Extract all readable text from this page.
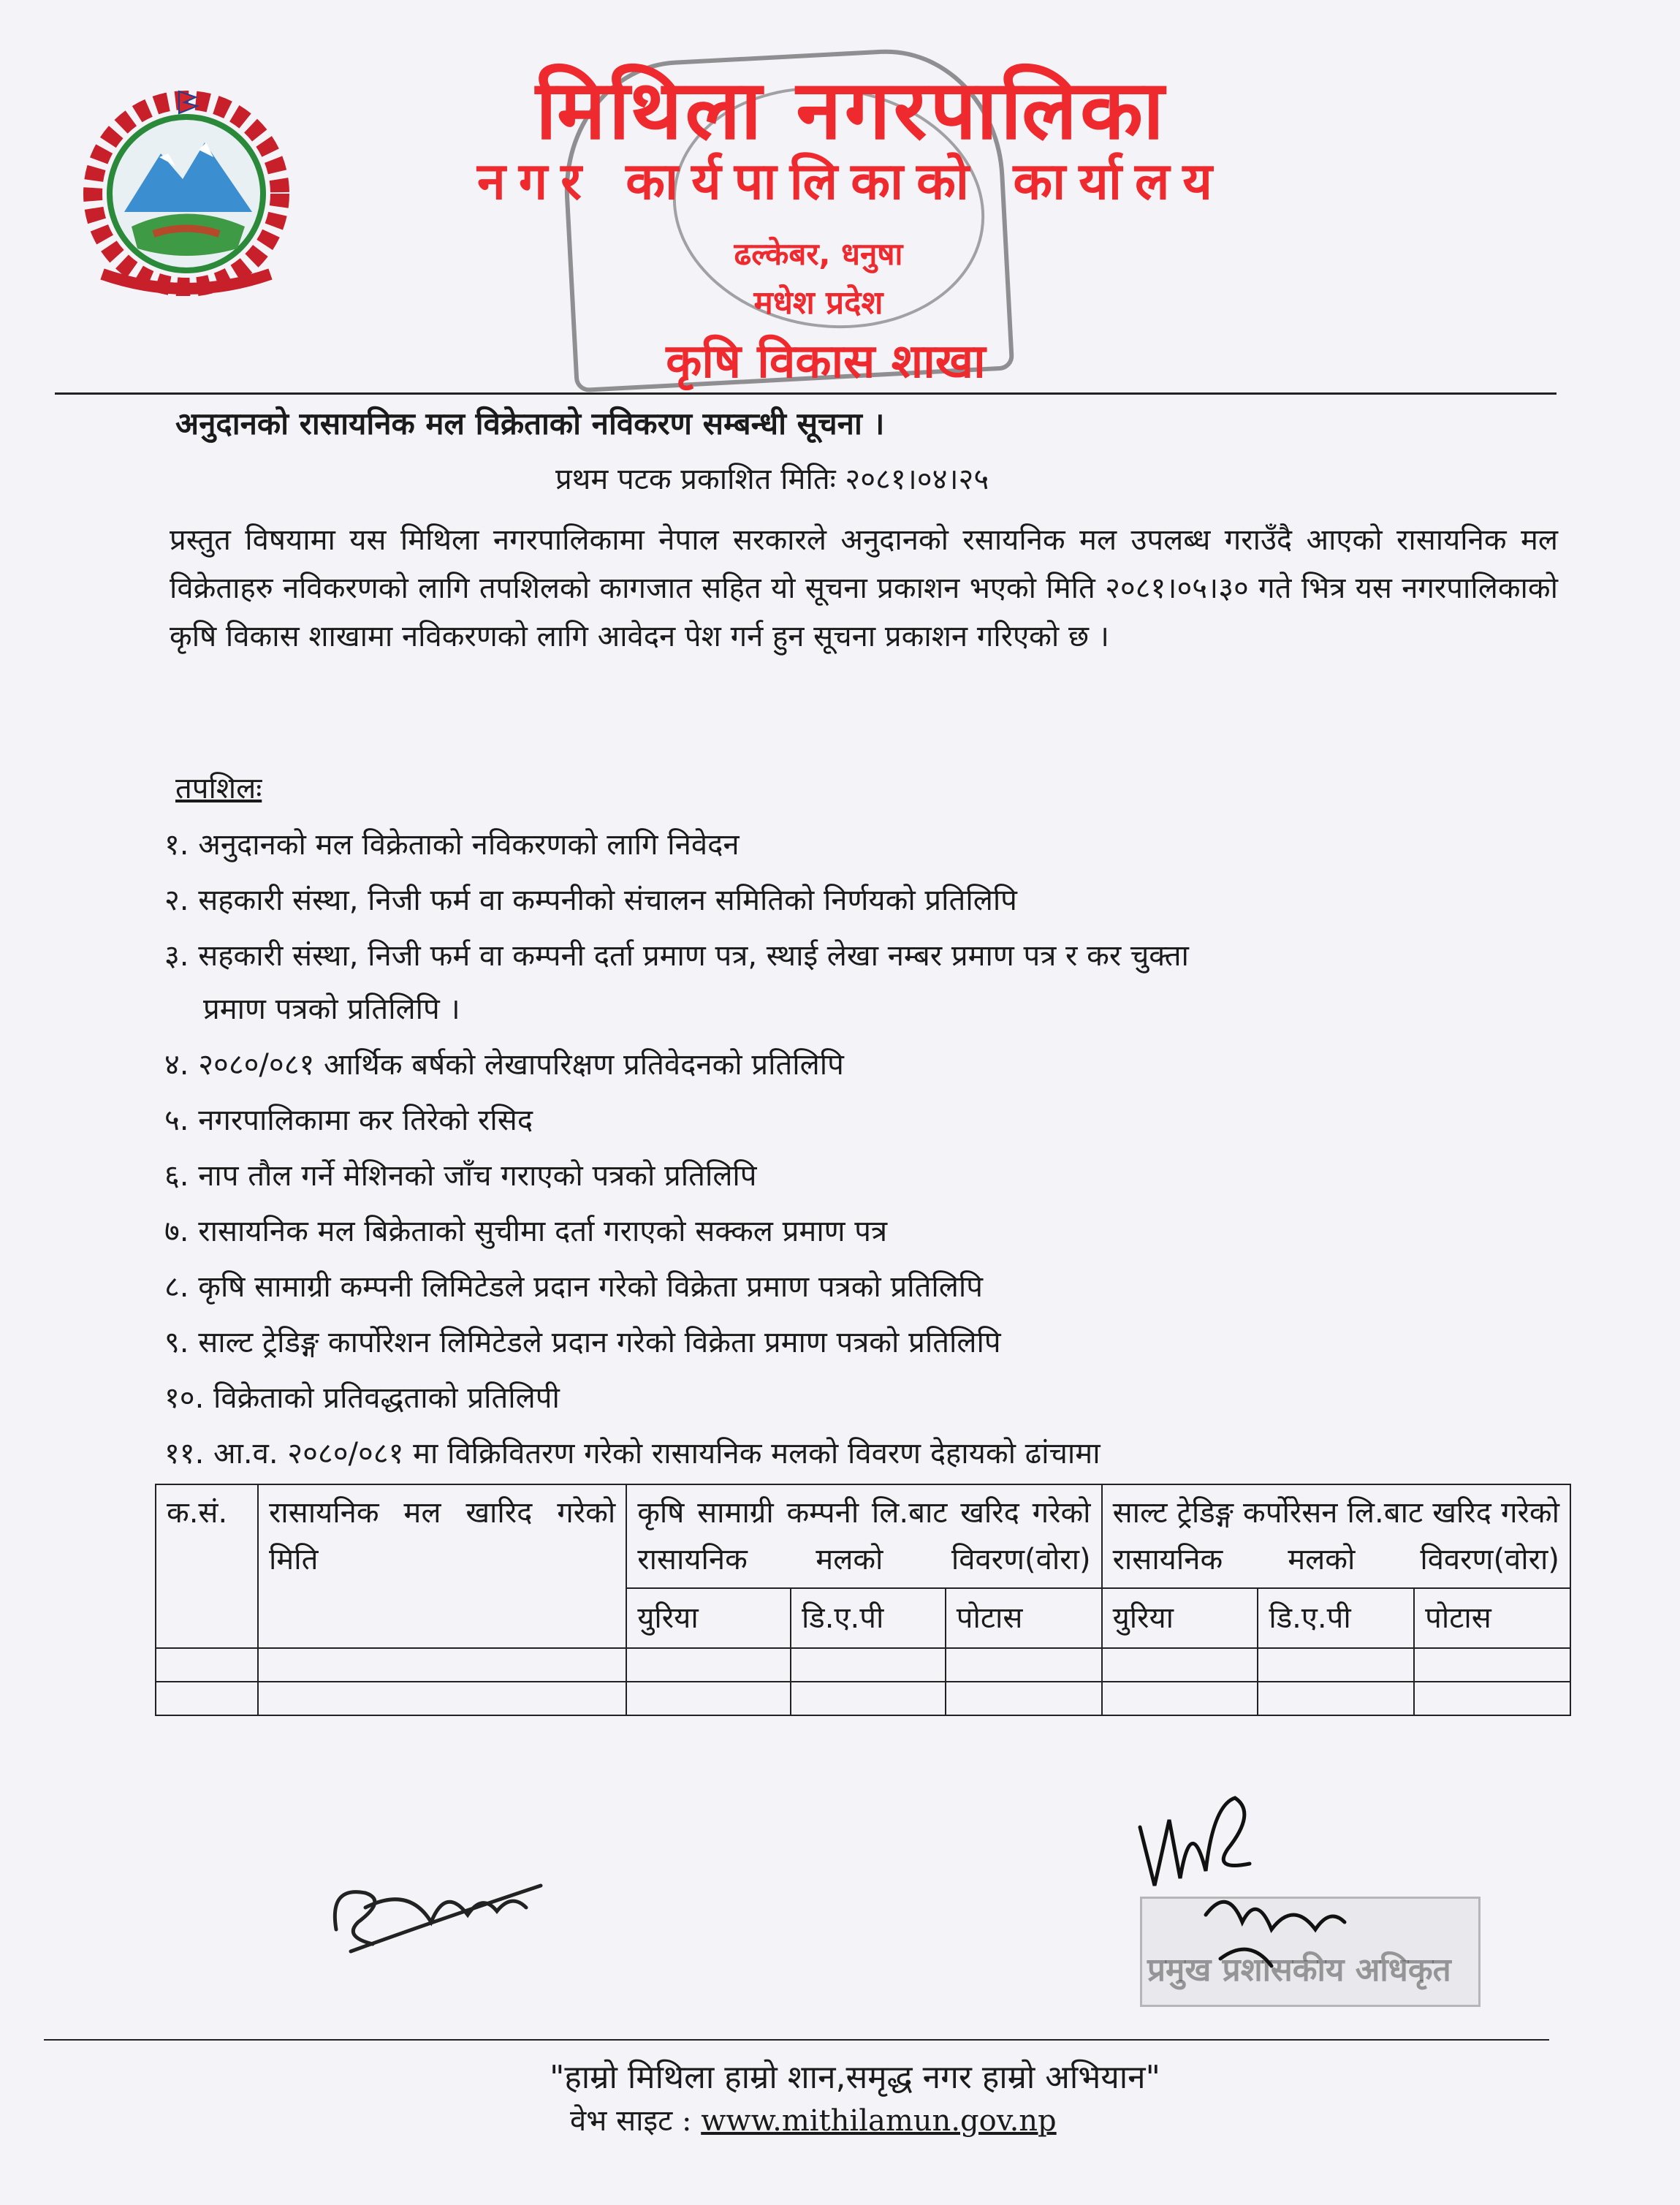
मिथिला नगरपालिका
नगर कार्यपालिकाको कार्यालय
ढल्केबर, धनुषा
मधेश प्रदेश
कृषि विकास शाखा
अनुदानको रासायनिक मल विक्रेताको नविकरण सम्बन्धी सूचना ।
प्रथम पटक प्रकाशित मितिः २०८१।०४।२५
प्रस्तुत विषयामा यस मिथिला नगरपालिकामा नेपाल सरकारले अनुदानको रसायनिक मल उपलब्ध गराउँदै आएको रासायनिक मल विक्रेताहरु नविकरणको लागि तपशिलको कागजात सहित यो सूचना प्रकाशन भएको मिति २०८१।०५।३० गते भित्र यस नगरपालिकाको कृषि विकास शाखामा नविकरणको लागि आवेदन पेश गर्न हुन सूचना प्रकाशन गरिएको छ ।
तपशिलः
१. अनुदानको मल विक्रेताको नविकरणको लागि निवेदन
२. सहकारी संस्था, निजी फर्म वा कम्पनीको संचालन समितिको निर्णयको प्रतिलिपि
३. सहकारी संस्था, निजी फर्म वा कम्पनी दर्ता प्रमाण पत्र, स्थाई लेखा नम्बर प्रमाण पत्र र कर चुक्ता
प्रमाण पत्रको प्रतिलिपि ।
४. २०८०/०८१ आर्थिक बर्षको लेखापरिक्षण प्रतिवेदनको प्रतिलिपि
५. नगरपालिकामा कर तिरेको रसिद
६. नाप तौल गर्ने मेशिनको जाँच गराएको पत्रको प्रतिलिपि
७. रासायनिक मल बिक्रेताको सुचीमा दर्ता गराएको सक्कल प्रमाण पत्र
८. कृषि सामाग्री कम्पनी लिमिटेडले प्रदान गरेको विक्रेता प्रमाण पत्रको प्रतिलिपि
९. साल्ट ट्रेडिङ्ग कार्पोरेशन लिमिटेडले प्रदान गरेको विक्रेता प्रमाण पत्रको प्रतिलिपि
१०. विक्रेताको प्रतिवद्धताको प्रतिलिपी
११. आ.व. २०८०/०८१ मा विक्रिवितरण गरेको रासायनिक मलको विवरण देहायको ढांचामा
क.सं.	रासायनिक मल खारिद गरेको मिति	कृषि सामाग्री कम्पनी लि.बाट खरिद गरेको रासायनिक मलको विवरण(वोरा)			साल्ट ट्रेडिङ्ग कर्पोरेसन लि.बाट खरिद गरेको रासायनिक मलको विवरण(वोरा)		
		युरिया	डि.ए.पी	पोटास	युरिया	डि.ए.पी	पोटास

प्रमुख प्रशासकीय अधिकृत
"हाम्रो मिथिला हाम्रो शान,समृद्ध नगर हाम्रो अभियान"
वेभ साइट : www.mithilamun.gov.np
